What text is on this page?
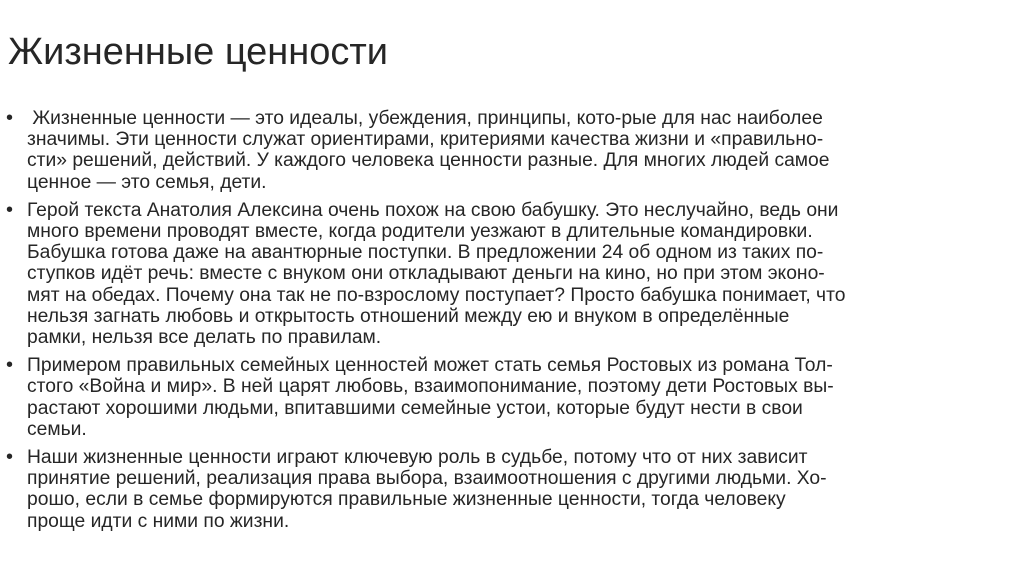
Жизненные ценности
• Жизненные ценности — это идеалы, убеждения, принципы, кото-рые для нас наиболее
значимы. Эти ценности служат ориентирами, критериями качества жизни и «правильно-
сти» решений, действий. У каждого человека ценности разные. Для многих людей самое
ценное — это семья, дети.
• Герой текста Анатолия Алексина очень похож на свою бабушку. Это неслучайно, ведь они
много времени проводят вместе, когда родители уезжают в длительные командировки.
Бабушка готова даже на авантюрные поступки. В предложении 24 об одном из таких по-
ступков идёт речь: вместе с внуком они откладывают деньги на кино, но при этом эконо-
мят на обедах. Почему она так не по-взрослому поступает? Просто бабушка понимает, что
нельзя загнать любовь и открытость отношений между ею и внуком в определённые
рамки, нельзя все делать по правилам.
• Примером правильных семейных ценностей может стать семья Ростовых из романа Тол-
стого «Война и мир». В ней царят любовь, взаимопонимание, поэтому дети Ростовых вы-
растают хорошими людьми, впитавшими семейные устои, которые будут нести в свои
семьи.
• Наши жизненные ценности играют ключевую роль в судьбе, потому что от них зависит
принятие решений, реализация права выбора, взаимоотношения с другими людьми. Хо-
рошо, если в семье формируются правильные жизненные ценности, тогда человеку
проще идти с ними по жизни.
